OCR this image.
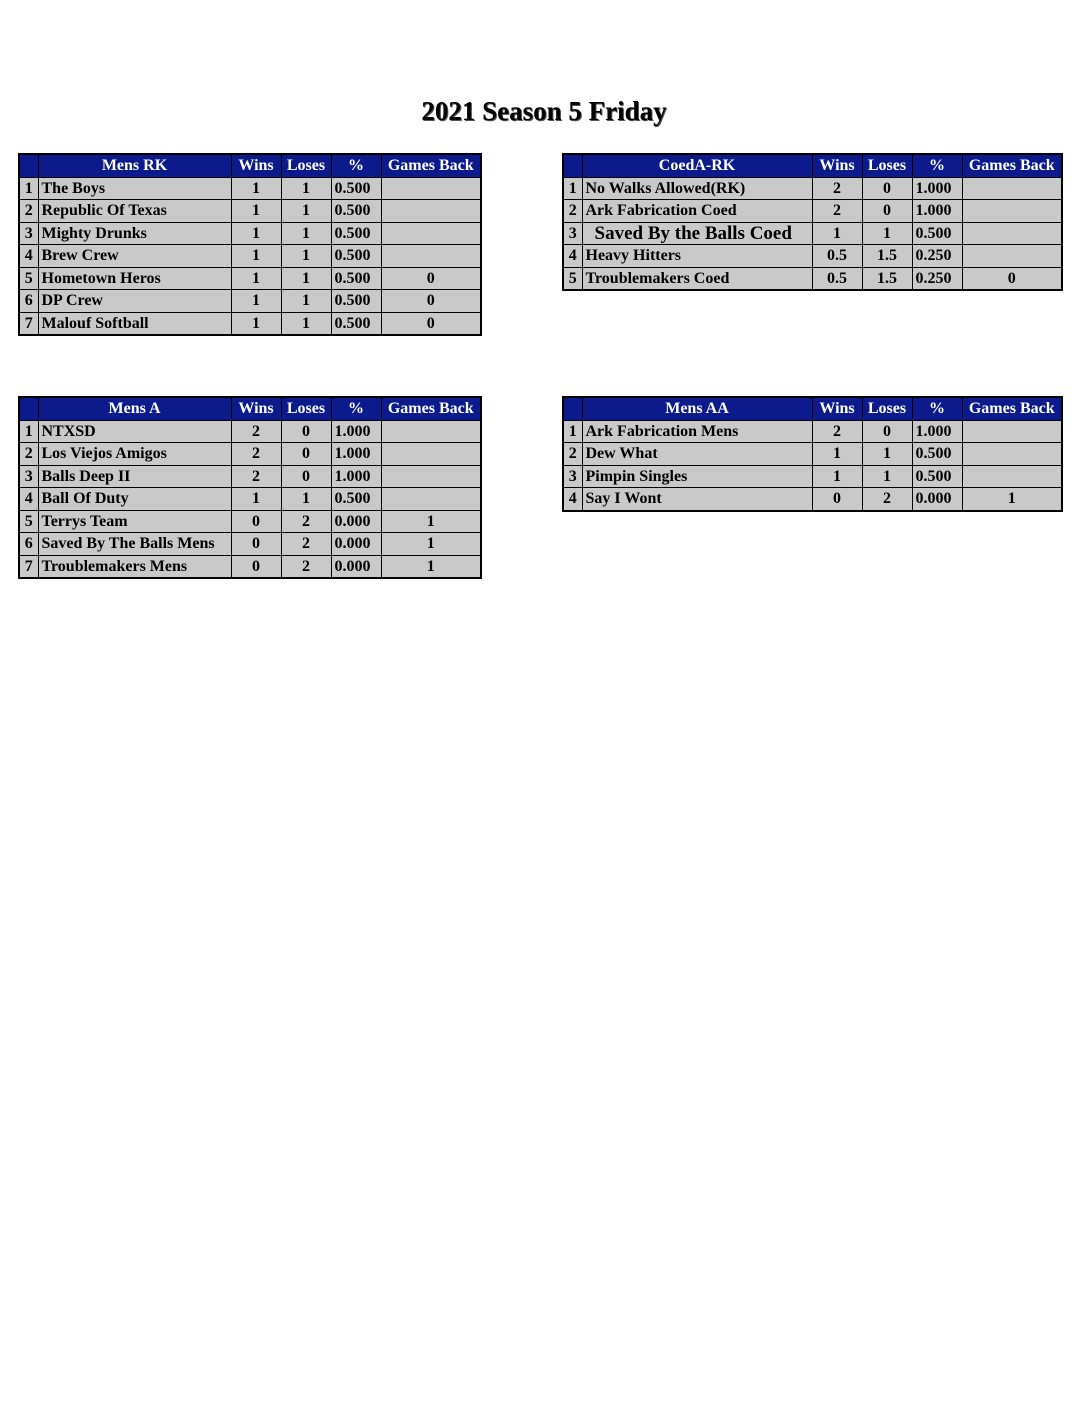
2021 Season 5 Friday
	Mens RK	Wins	Loses	%	Games Back
1	The Boys	1	1	0.500	
2	Republic Of Texas	1	1	0.500	
3	Mighty Drunks	1	1	0.500	
4	Brew Crew	1	1	0.500	
5	Hometown Heros	1	1	0.500	0
6	DP Crew	1	1	0.500	0
7	Malouf Softball	1	1	0.500	0
	CoedA-RK	Wins	Loses	%	Games Back
1	No Walks Allowed(RK)	2	0	1.000	
2	Ark Fabrication Coed	2	0	1.000	
3	Saved By the Balls Coed	1	1	0.500	
4	Heavy Hitters	0.5	1.5	0.250	
5	Troublemakers Coed	0.5	1.5	0.250	0
	Mens A	Wins	Loses	%	Games Back
1	NTXSD	2	0	1.000	
2	Los Viejos Amigos	2	0	1.000	
3	Balls Deep II	2	0	1.000	
4	Ball Of Duty	1	1	0.500	
5	Terrys Team	0	2	0.000	1
6	Saved By The Balls Mens	0	2	0.000	1
7	Troublemakers Mens	0	2	0.000	1
	Mens AA	Wins	Loses	%	Games Back
1	Ark Fabrication Mens	2	0	1.000	
2	Dew What	1	1	0.500	
3	Pimpin Singles	1	1	0.500	
4	Say I Wont	0	2	0.000	1
